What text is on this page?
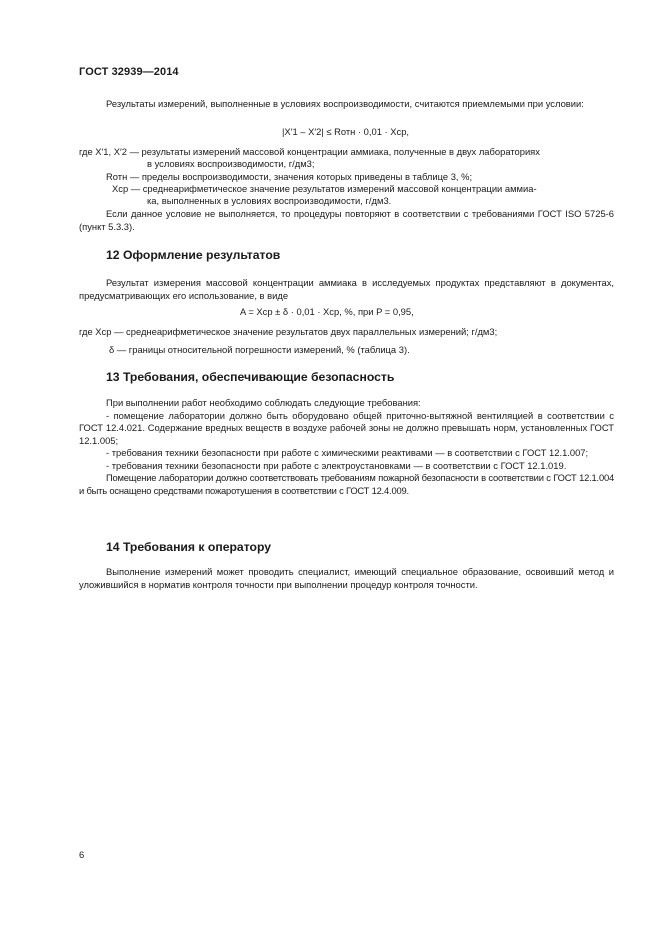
ГОСТ 32939—2014

Результаты измерений, выполненные в условиях воспроизводимости, считаются приемлемыми при условии:

|X′1 – X′2| ≤ Rотн · 0,01 · Xср,
где X′1, X′2 — результаты измерений массовой концентрации аммиака, полученные в двух лабораториях
в условиях воспроизводимости, г/дм3;
Rотн — пределы воспроизводимости, значения которых приведены в таблице 3, %;
Xср — среднеарифметическое значение результатов измерений массовой концентрации аммиа-
ка, выполненных в условиях воспроизводимости, г/дм3.

Если данное условие не выполняется, то процедуры повторяют в соответствии с требованиями ГОСТ ISO 5725-6 (пункт 5.3.3).

12 Оформление результатов

Результат измерения массовой концентрации аммиака в исследуемых продуктах представляют в документах, предусматривающих его использование, в виде

A = Xср ± δ · 0,01 · Xср, %, при P = 0,95,
где Xср — среднеарифметическое значение результатов двух параллельных измерений; г/дм3;
δ — границы относительной погрешности измерений, % (таблица 3).
13 Требования, обеспечивающие безопасность

При выполнении работ необходимо соблюдать следующие требования:

- помещение лаборатории должно быть оборудовано общей приточно-вытяжной вентиляцией в соответствии с ГОСТ 12.4.021. Содержание вредных веществ в воздухе рабочей зоны не должно превышать норм, установленных ГОСТ 12.1.005;

- требования техники безопасности при работе с химическими реактивами — в соответствии с ГОСТ 12.1.007;

- требования техники безопасности при работе с электроустановками — в соответствии с ГОСТ 12.1.019.

Помещение лаборатории должно соответствовать требованиям пожарной безопасности в соответствии с ГОСТ 12.1.004 и быть оснащено средствами пожаротушения в соответствии с ГОСТ 12.4.009.

14 Требования к оператору

Выполнение измерений может проводить специалист, имеющий специальное образование, освоивший метод и уложившийся в норматив контроля точности при выполнении процедур контроля точности.

6
